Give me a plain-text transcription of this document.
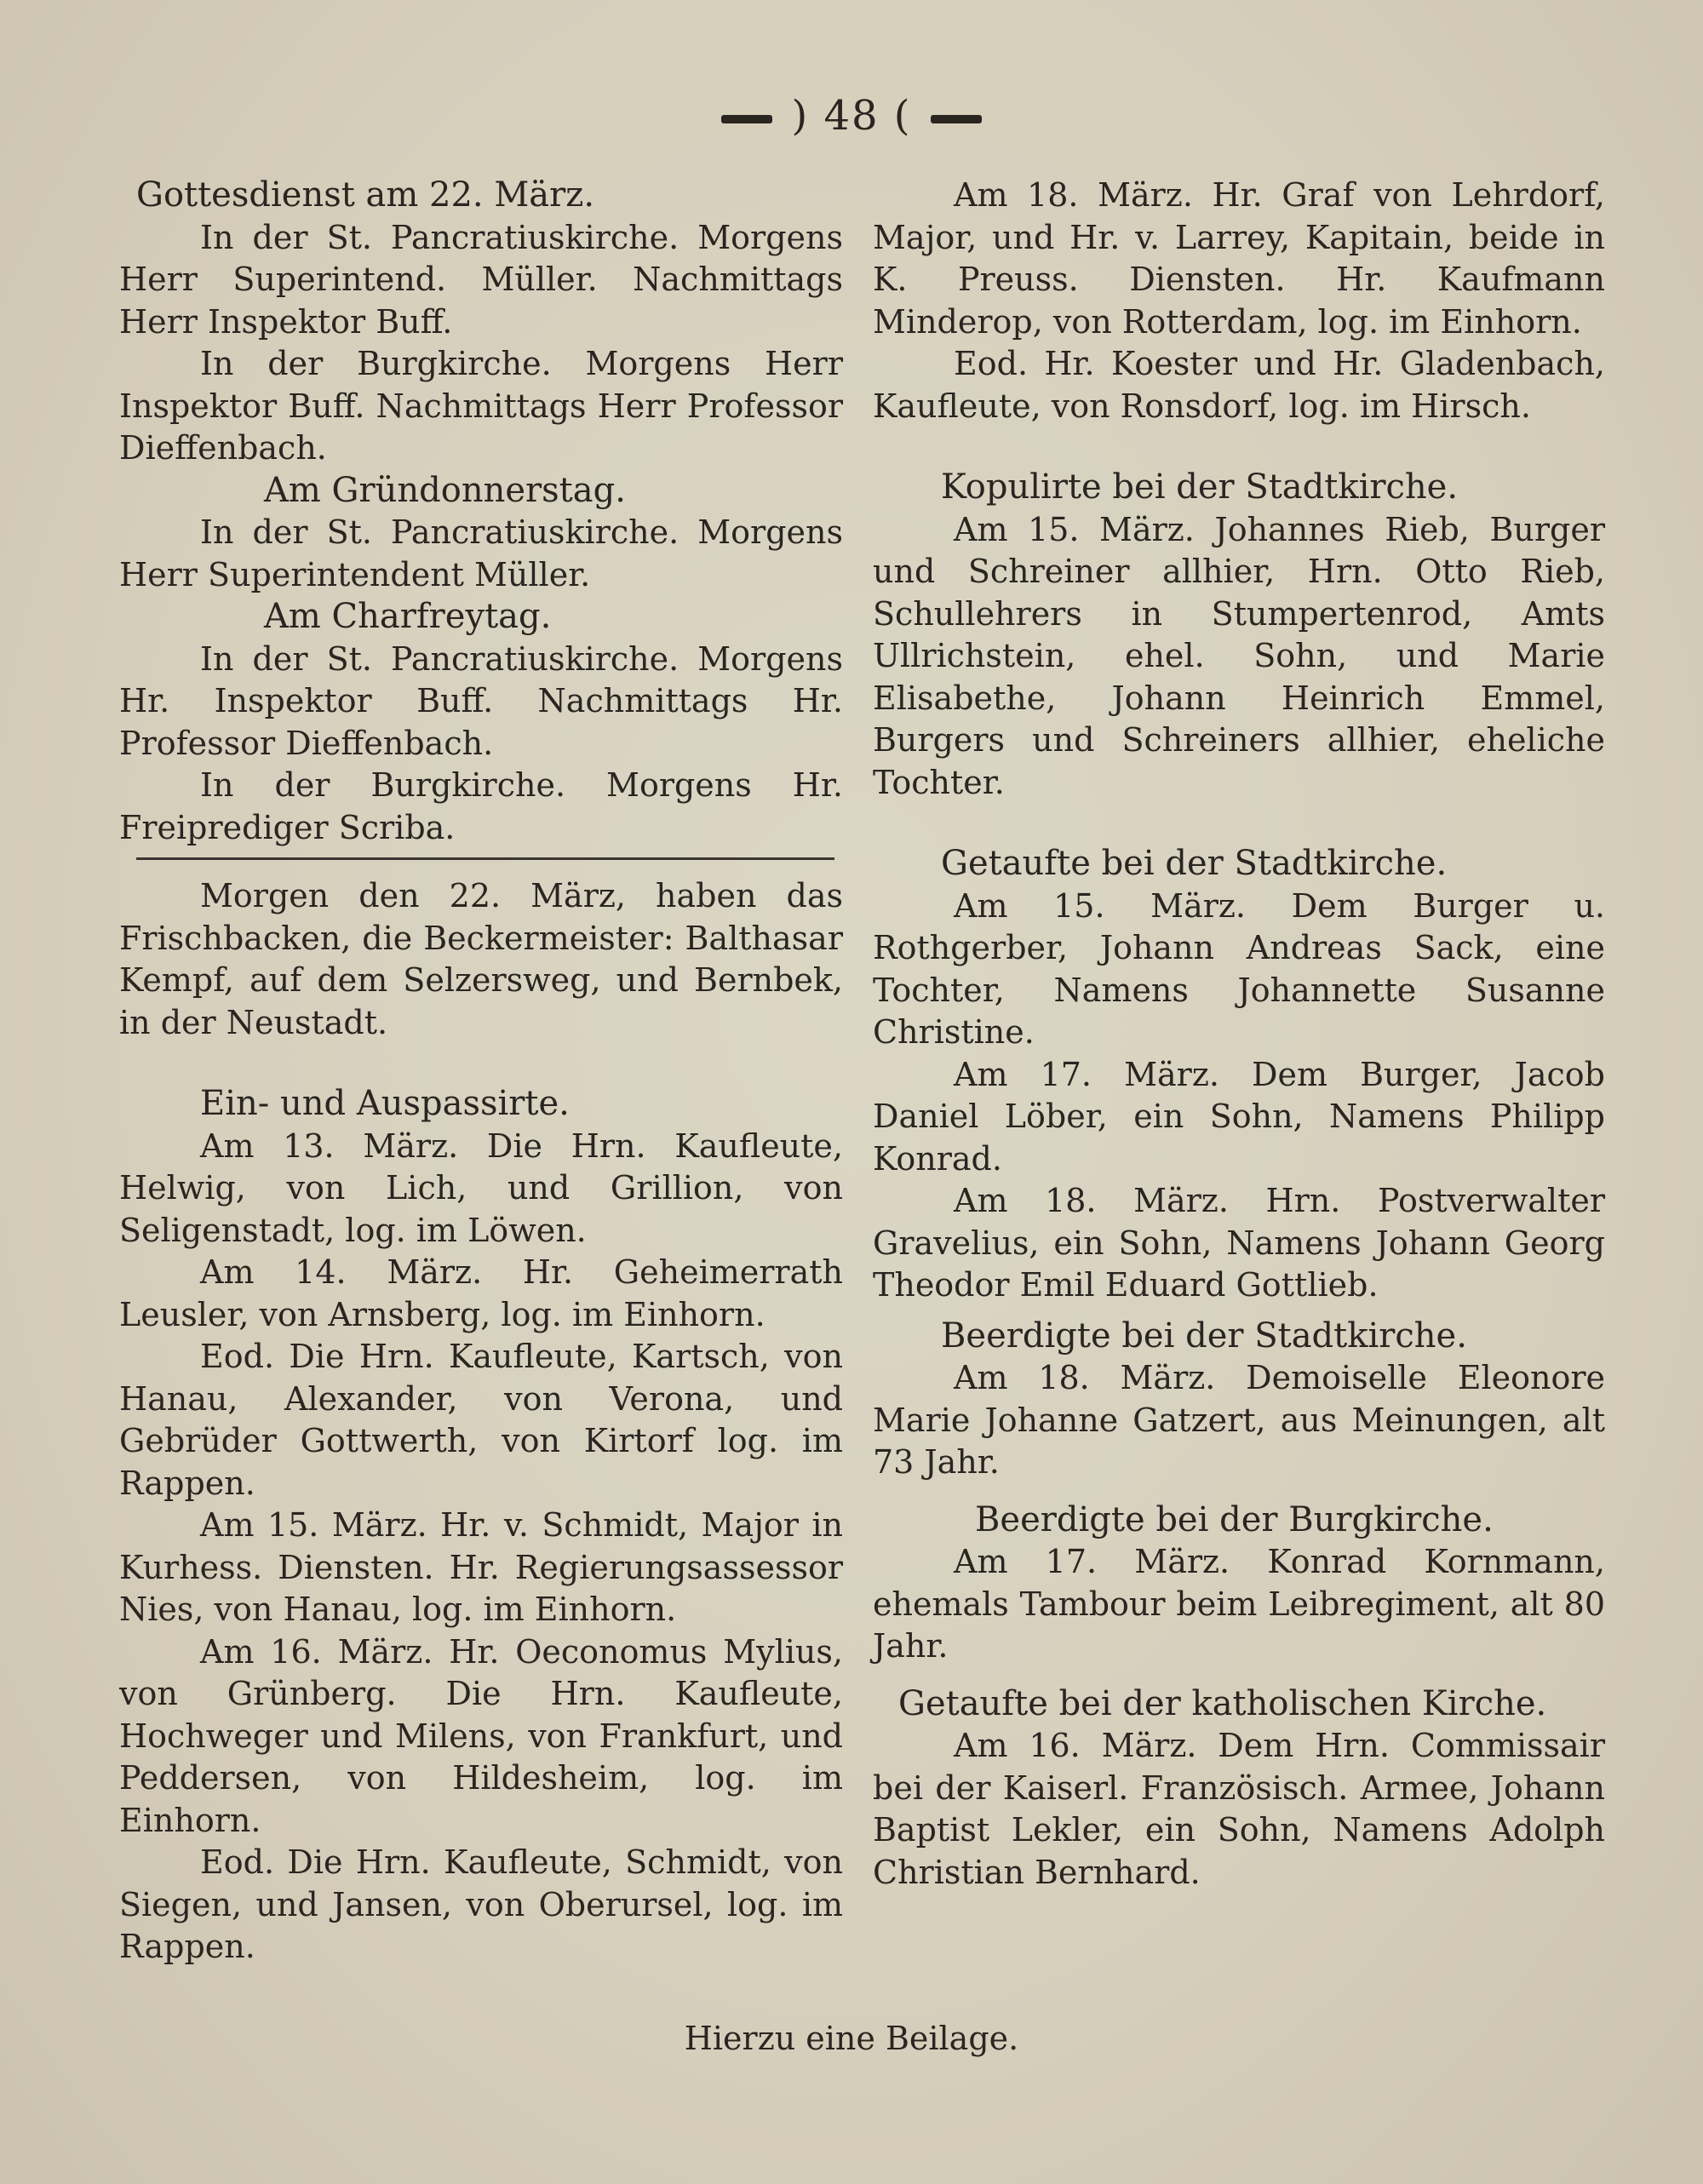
) 48 (

Gottesdienst am 22. März.

In der St. Pancratiuskirche. Morgens Herr Superintend. Müller. Nachmittags Herr Inspektor Buff.

In der Burgkirche. Morgens Herr Inspektor Buff. Nachmittags Herr Professor Dieffenbach.

Am Gründonnerstag.

In der St. Pancratiuskirche. Morgens Herr Superintendent Müller.

Am Charfreytag.

In der St. Pancratiuskirche. Morgens Hr. Inspektor Buff. Nachmittags Hr. Professor Dieffenbach.

In der Burgkirche. Morgens Hr. Freiprediger Scriba.

Morgen den 22. März, haben das Frischbacken, die Beckermeister: Balthasar Kempf, auf dem Selzersweg, und Bernbek, in der Neustadt.

Ein- und Auspassirte.

Am 13. März. Die Hrn. Kaufleute, Helwig, von Lich, und Grillion, von Seligenstadt, log. im Löwen.

Am 14. März. Hr. Geheimerrath Leusler, von Arnsberg, log. im Einhorn.

Eod. Die Hrn. Kaufleute, Kartsch, von Hanau, Alexander, von Verona, und Gebrüder Gottwerth, von Kirtorf log. im Rappen.

Am 15. März. Hr. v. Schmidt, Major in Kurhess. Diensten. Hr. Regierungsassessor Nies, von Hanau, log. im Einhorn.

Am 16. März. Hr. Oeconomus Mylius, von Grünberg. Die Hrn. Kaufleute, Hochweger und Milens, von Frankfurt, und Peddersen, von Hildesheim, log. im Einhorn.

Eod. Die Hrn. Kaufleute, Schmidt, von Siegen, und Jansen, von Oberursel, log. im Rappen.

Am 18. März. Hr. Graf von Lehrdorf, Major, und Hr. v. Larrey, Kapitain, beide in K. Preuss. Diensten. Hr. Kaufmann Minderop, von Rotterdam, log. im Einhorn.

Eod. Hr. Koester und Hr. Gladenbach, Kaufleute, von Ronsdorf, log. im Hirsch.

Kopulirte bei der Stadtkirche.

Am 15. März. Johannes Rieb, Burger und Schreiner allhier, Hrn. Otto Rieb, Schullehrers in Stumpertenrod, Amts Ullrichstein, ehel. Sohn, und Marie Elisabethe, Johann Heinrich Emmel, Burgers und Schreiners allhier, eheliche Tochter.

Getaufte bei der Stadtkirche.

Am 15. März. Dem Burger u. Rothgerber, Johann Andreas Sack, eine Tochter, Namens Johannette Susanne Christine.

Am 17. März. Dem Burger, Jacob Daniel Löber, ein Sohn, Namens Philipp Konrad.

Am 18. März. Hrn. Postverwalter Gravelius, ein Sohn, Namens Johann Georg Theodor Emil Eduard Gottlieb.

Beerdigte bei der Stadtkirche.

Am 18. März. Demoiselle Eleonore Marie Johanne Gatzert, aus Meinungen, alt 73 Jahr.

Beerdigte bei der Burgkirche.

Am 17. März. Konrad Kornmann, ehemals Tambour beim Leibregiment, alt 80 Jahr.

Getaufte bei der katholischen Kirche.

Am 16. März. Dem Hrn. Commissair bei der Kaiserl. Französisch. Armee, Johann Baptist Lekler, ein Sohn, Namens Adolph Christian Bernhard.

Hierzu eine Beilage.
